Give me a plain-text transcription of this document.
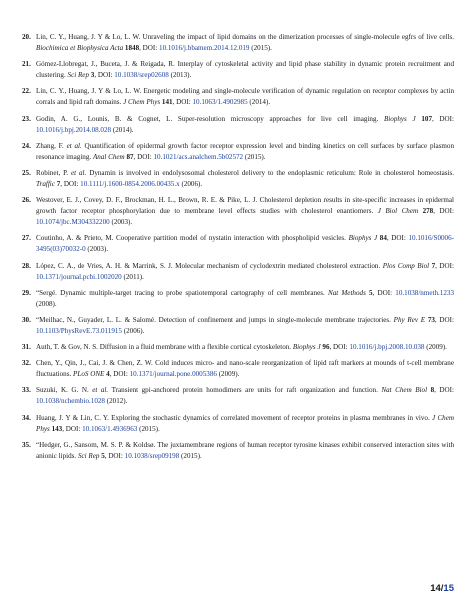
20. Lin, C. Y., Huang, J. Y & Lo, L. W. Unraveling the impact of lipid domains on the dimerization processes of single-molecule egfrs of live cells. Biochimica et Biophysica Acta 1848, DOI: 10.1016/j.bbamem.2014.12.019 (2015).
21. Gómez-Llobregat, J., Buceta, J. & Reigada, R. Interplay of cytoskeletal activity and lipid phase stability in dynamic protein recruitment and clustering. Sci Rep 3, DOI: 10.1038/srep02608 (2013).
22. Lin, C. Y., Huang, J. Y & Lo, L. W. Energetic modeling and single-molecule verification of dynamic regulation on receptor complexes by actin corrals and lipid raft domains. J Chem Phys 141, DOI: 10.1063/1.4902985 (2014).
23. Godin, A. G., Lounis, B. & Cognet, L. Super-resolution microscopy approaches for live cell imaging. Biophys J 107, DOI: 10.1016/j.bpj.2014.08.028 (2014).
24. Zhang, F. et al. Quantification of epidermal growth factor receptor expression level and binding kinetics on cell surfaces by surface plasmon resonance imaging. Anal Chem 87, DOI: 10.1021/acs.analchem.5b02572 (2015).
25. Robinet, P. et al. Dynamin is involved in endolysosomal cholesterol delivery to the endoplasmic reticulum: Role in cholesterol homeostasis. Traffic 7, DOI: 10.1111/j.1600-0854.2006.00435.x (2006).
26. Westover, E. J., Covey, D. F., Brockman, H. L., Brown, R. E. & Pike, L. J. Cholesterol depletion results in site-specific increases in epidermal growth factor receptor phosphorylation due to membrane level effects studies with cholesterol enantiomers. J Biol Chem 278, DOI: 10.1074/jbc.M304332200 (2003).
27. Coutinho, A. & Prieto, M. Cooperative partition model of nystatin interaction with phospholipid vesicles. Biophys J 84, DOI: 10.1016/S0006-3495(03)70032-0 (2003).
28. López, C. A., de Vries, A. H. & Marrink, S. J. Molecular mechanism of cyclodextrin mediated cholesterol extraction. Plos Comp Biol 7, DOI: 10.1371/journal.pcbi.1002020 (2011).
29. “Sergé. Dynamic multiple-target tracing to probe spatiotemporal cartography of cell membranes. Nat Methods 5, DOI: 10.1038/nmeth.1233 (2008).
30. “Meilhac, N., Guyader, L. L. & Salomé. Detection of confinement and jumps in single-molecule membrane trajectories. Phy Rev E 73, DOI: 10.1103/PhysRevE.73.011915 (2006).
31. Auth, T. & Gov, N. S. Diffusion in a fluid membrane with a flexible cortical cytoskeleton. Biophys J 96, DOI: 10.1016/j.bpj.2008.10.038 (2009).
32. Chen, Y., Qin, J., Cai, J. & Chen, Z. W. Cold induces micro- and nano-scale reorganization of lipid raft markers at mounds of t-cell membrane fluctuations. PLoS ONE 4, DOI: 10.1371/journal.pone.0005386 (2009).
33. Suzuki, K. G. N. et al. Transient gpi-anchored protein homodimers are units for raft organization and function. Nat Chem Biol 8, DOI: 10.1038/nchembio.1028 (2012).
34. Huang, J. Y & Lin, C. Y. Exploring the stochastic dynamics of correlated movement of receptor proteins in plasma membranes in vivo. J Chem Phys 143, DOI: 10.1063/1.4936963 (2015).
35. “Hedger, G., Sansom, M. S. P. & Koldsø. The juxtamembrane regions of human receptor tyrosine kinases exhibit conserved interaction sites with anionic lipids. Sci Rep 5, DOI: 10.1038/srep09198 (2015).
14/15
